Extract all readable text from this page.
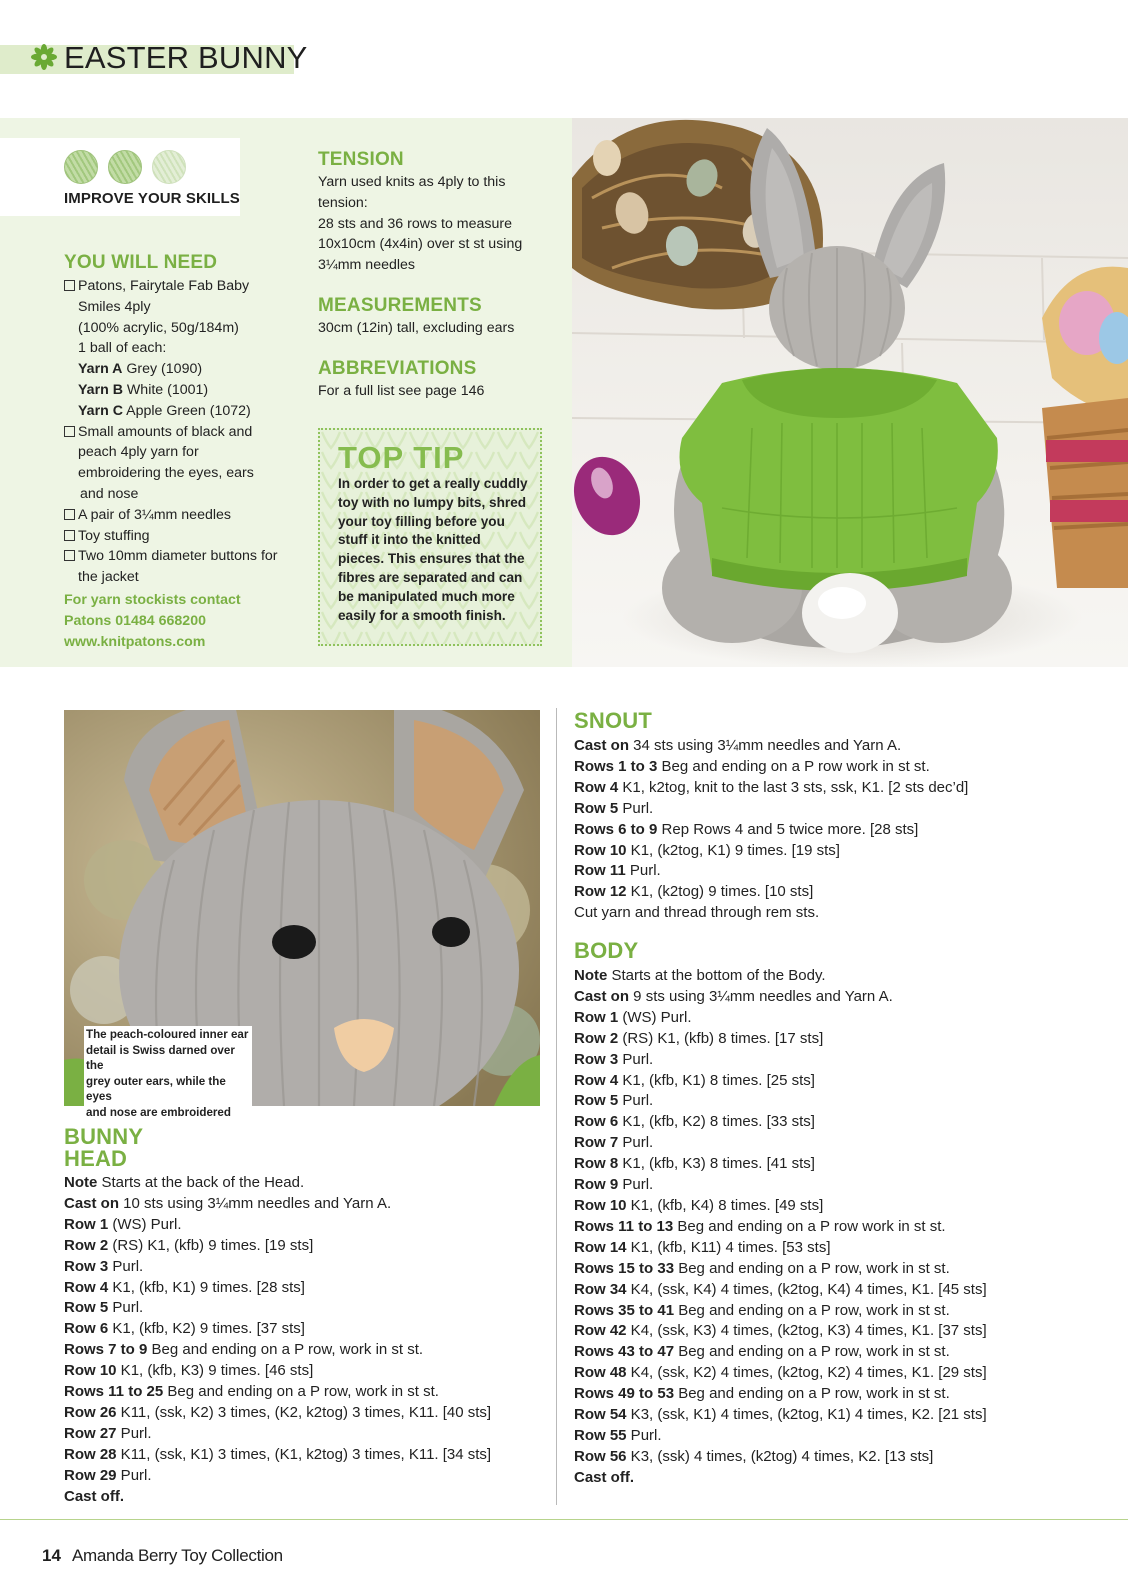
EASTER BUNNY
IMPROVE YOUR SKILLS
YOU WILL NEED
Patons, Fairytale Fab Baby
Smiles 4ply
(100% acrylic, 50g/184m)
1 ball of each:
Yarn A Grey (1090)
Yarn B White (1001)
Yarn C Apple Green (1072)
Small amounts of black and
peach 4ply yarn for
embroidering the eyes, ears
and nose
A pair of 3¼mm needles
Toy stuffing
Two 10mm diameter buttons for
the jacket
For yarn stockists contact
Patons 01484 668200
www.knitpatons.com
TENSION
Yarn used knits as 4ply to this
tension:
28 sts and 36 rows to measure
10x10cm (4x4in) over st st using
3¼mm needles
MEASUREMENTS
30cm (12in) tall, excluding ears
ABBREVIATIONS
For a full list see page 146
TOP TIP
In order to get a really cuddly
toy with no lumpy bits, shred
your toy filling before you
stuff it into the knitted
pieces. This ensures that the
fibres are separated and can
be manipulated much more
easily for a smooth finish.
The peach-coloured inner ear
detail is Swiss darned over the
grey outer ears, while the eyes
and nose are embroidered
BUNNY
HEAD
Note Starts at the back of the Head.
Cast on 10 sts using 3¼mm needles and Yarn A.
Row 1 (WS) Purl.
Row 2 (RS) K1, (kfb) 9 times. [19 sts]
Row 3 Purl.
Row 4 K1, (kfb, K1) 9 times. [28 sts]
Row 5 Purl.
Row 6 K1, (kfb, K2) 9 times. [37 sts]
Rows 7 to 9 Beg and ending on a P row, work in st st.
Row 10 K1, (kfb, K3) 9 times. [46 sts]
Rows 11 to 25 Beg and ending on a P row, work in st st.
Row 26 K11, (ssk, K2) 3 times, (K2, k2tog) 3 times, K11. [40 sts]
Row 27 Purl.
Row 28 K11, (ssk, K1) 3 times, (K1, k2tog) 3 times, K11. [34 sts]
Row 29 Purl.
Cast off.
SNOUT
Cast on 34 sts using 3¼mm needles and Yarn A.
Rows 1 to 3 Beg and ending on a P row work in st st.
Row 4 K1, k2tog, knit to the last 3 sts, ssk, K1. [2 sts dec’d]
Row 5 Purl.
Rows 6 to 9 Rep Rows 4 and 5 twice more. [28 sts]
Row 10 K1, (k2tog, K1) 9 times. [19 sts]
Row 11 Purl.
Row 12 K1, (k2tog) 9 times. [10 sts]
Cut yarn and thread through rem sts.
BODY
Note Starts at the bottom of the Body.
Cast on 9 sts using 3¼mm needles and Yarn A.
Row 1 (WS) Purl.
Row 2 (RS) K1, (kfb) 8 times. [17 sts]
Row 3 Purl.
Row 4 K1, (kfb, K1) 8 times. [25 sts]
Row 5 Purl.
Row 6 K1, (kfb, K2) 8 times. [33 sts]
Row 7 Purl.
Row 8 K1, (kfb, K3) 8 times. [41 sts]
Row 9 Purl.
Row 10 K1, (kfb, K4) 8 times. [49 sts]
Rows 11 to 13 Beg and ending on a P row work in st st.
Row 14 K1, (kfb, K11) 4 times. [53 sts]
Rows 15 to 33 Beg and ending on a P row, work in st st.
Row 34 K4, (ssk, K4) 4 times, (k2tog, K4) 4 times, K1. [45 sts]
Rows 35 to 41 Beg and ending on a P row, work in st st.
Row 42 K4, (ssk, K3) 4 times, (k2tog, K3) 4 times, K1. [37 sts]
Rows 43 to 47 Beg and ending on a P row, work in st st.
Row 48 K4, (ssk, K2) 4 times, (k2tog, K2) 4 times, K1. [29 sts]
Rows 49 to 53 Beg and ending on a P row, work in st st.
Row 54 K3, (ssk, K1) 4 times, (k2tog, K1) 4 times, K2. [21 sts]
Row 55 Purl.
Row 56 K3, (ssk) 4 times, (k2tog) 4 times, K2. [13 sts]
Cast off.
14 Amanda Berry Toy Collection
